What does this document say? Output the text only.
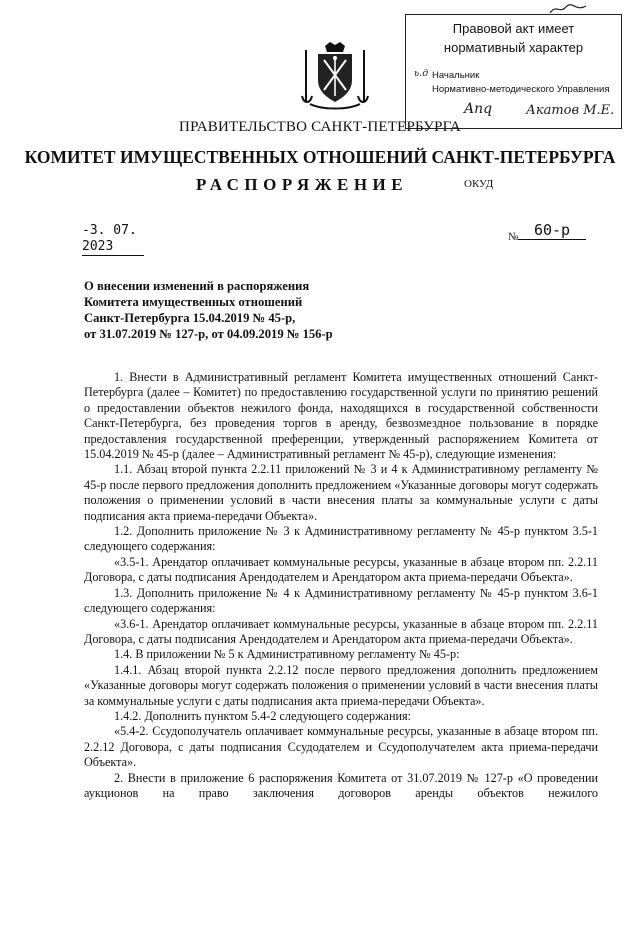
Правовой акт имеет
нормативный характер
ь.д Начальник
Нормативно-методического Управления
Anq	Акатов М.Е.
ПРАВИТЕЛЬСТВО САНКТ-ПЕТЕРБУРГА
КОМИТЕТ ИМУЩЕСТВЕННЫХ ОТНОШЕНИЙ САНКТ-ПЕТЕРБУРГА
РАСПОРЯЖЕНИЕ	ОКУД
-3. 07. 2023
№	60-р
О внесении изменений в распоряжения
Комитета имущественных отношений
Санкт-Петербурга 15.04.2019 № 45-р,
от 31.07.2019 № 127-р, от 04.09.2019 № 156-р

1. Внести в Административный регламент Комитета имущественных отношений Санкт-Петербурга (далее – Комитет) по предоставлению государственной услуги по принятию решений о предоставлении объектов нежилого фонда, находящихся в государственной собственности Санкт-Петербурга, без проведения торгов в аренду, безвозмездное пользование в порядке предоставления государственной преференции, утвержденный распоряжением Комитета от 15.04.2019 № 45-р (далее – Административный регламент № 45-р), следующие изменения:

1.1. Абзац второй пункта 2.2.11 приложений № 3 и 4 к Административному регламенту № 45-р после первого предложения дополнить предложением «Указанные договоры могут содержать положения о применении условий в части внесения платы за коммунальные услуги с даты подписания акта приема-передачи Объекта».

1.2. Дополнить приложение № 3 к Административному регламенту № 45-р пунктом 3.5-1 следующего содержания:

«3.5-1. Арендатор оплачивает коммунальные ресурсы, указанные в абзаце втором пп. 2.2.11 Договора, с даты подписания Арендодателем и Арендатором акта приема-передачи Объекта».

1.3. Дополнить приложение № 4 к Административному регламенту № 45-р пунктом 3.6-1 следующего содержания:

«3.6-1. Арендатор оплачивает коммунальные ресурсы, указанные в абзаце втором пп. 2.2.11 Договора, с даты подписания Арендодателем и Арендатором акта приема-передачи Объекта».

1.4. В приложении № 5 к Административному регламенту № 45-р:

1.4.1. Абзац второй пункта 2.2.12 после первого предложения дополнить предложением «Указанные договоры могут содержать положения о применении условий в части внесения платы за коммунальные услуги с даты подписания акта приема-передачи Объекта».

1.4.2. Дополнить пунктом 5.4-2 следующего содержания:

«5.4-2. Ссудополучатель оплачивает коммунальные ресурсы, указанные в абзаце втором пп. 2.2.12 Договора, с даты подписания Ссудодателем и Ссудополучателем акта приема-передачи Объекта».

2. Внести в приложение 6 распоряжения Комитета от 31.07.2019 № 127-р «О проведении аукционов на право заключения договоров аренды объектов нежилого
